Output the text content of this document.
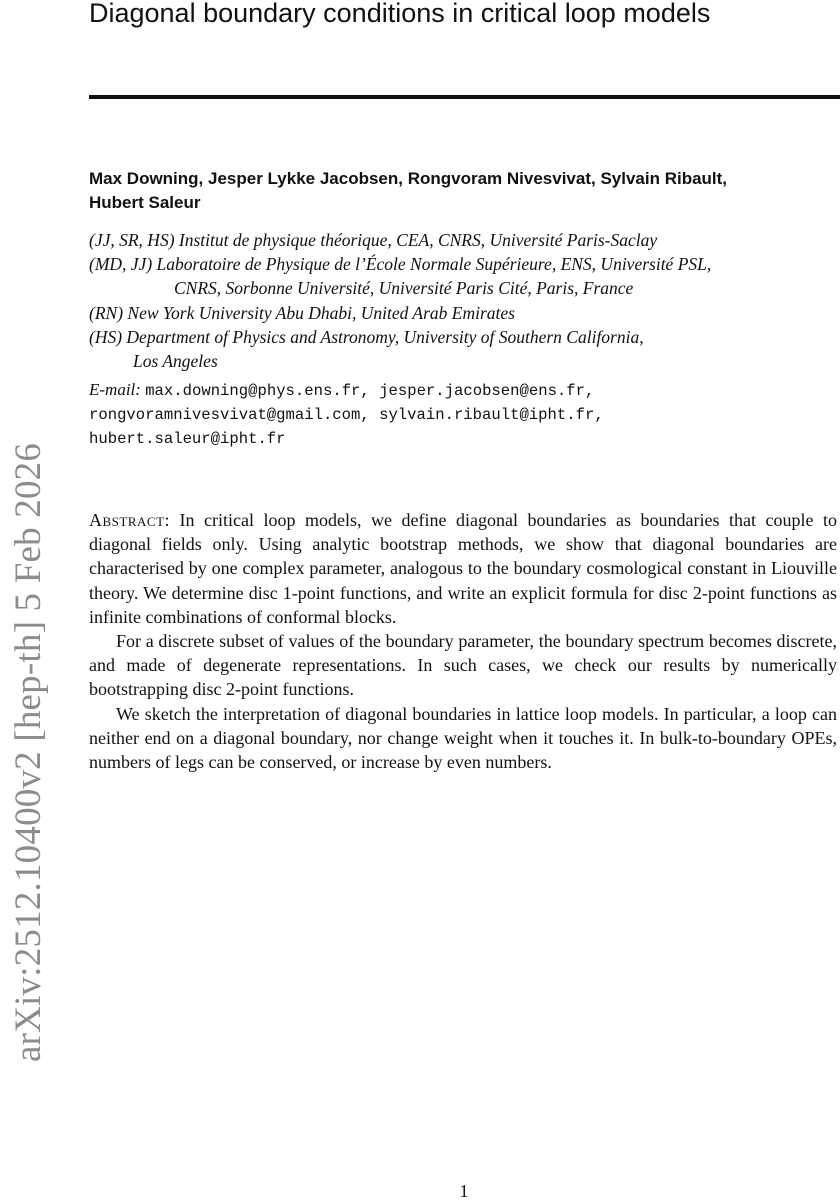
arXiv:2512.10400v2 [hep-th] 5 Feb 2026
Diagonal boundary conditions in critical loop models
Max Downing, Jesper Lykke Jacobsen, Rongvoram Nivesvivat, Sylvain Ribault,
Hubert Saleur
(JJ, SR, HS) Institut de physique théorique, CEA, CNRS, Université Paris-Saclay
(MD, JJ) Laboratoire de Physique de l’École Normale Supérieure, ENS, Université PSL,
CNRS, Sorbonne Université, Université Paris Cité, Paris, France
(RN) New York University Abu Dhabi, United Arab Emirates
(HS) Department of Physics and Astronomy, University of Southern California,
Los Angeles
E-mail: max.downing@phys.ens.fr, jesper.jacobsen@ens.fr,
rongvoramnivesvivat@gmail.com, sylvain.ribault@ipht.fr,
hubert.saleur@ipht.fr

Abstract: In critical loop models, we define diagonal boundaries as boundaries that couple to diagonal fields only. Using analytic bootstrap methods, we show that diagonal boundaries are characterised by one complex parameter, analogous to the boundary cosmological constant in Liouville theory. We determine disc 1-point functions, and write an explicit formula for disc 2-point functions as infinite combinations of conformal blocks.

For a discrete subset of values of the boundary parameter, the boundary spectrum becomes discrete, and made of degenerate representations. In such cases, we check our results by numerically bootstrapping disc 2-point functions.

We sketch the interpretation of diagonal boundaries in lattice loop models. In particular, a loop can neither end on a diagonal boundary, nor change weight when it touches it. In bulk-to-boundary OPEs, numbers of legs can be conserved, or increase by even numbers.

1
